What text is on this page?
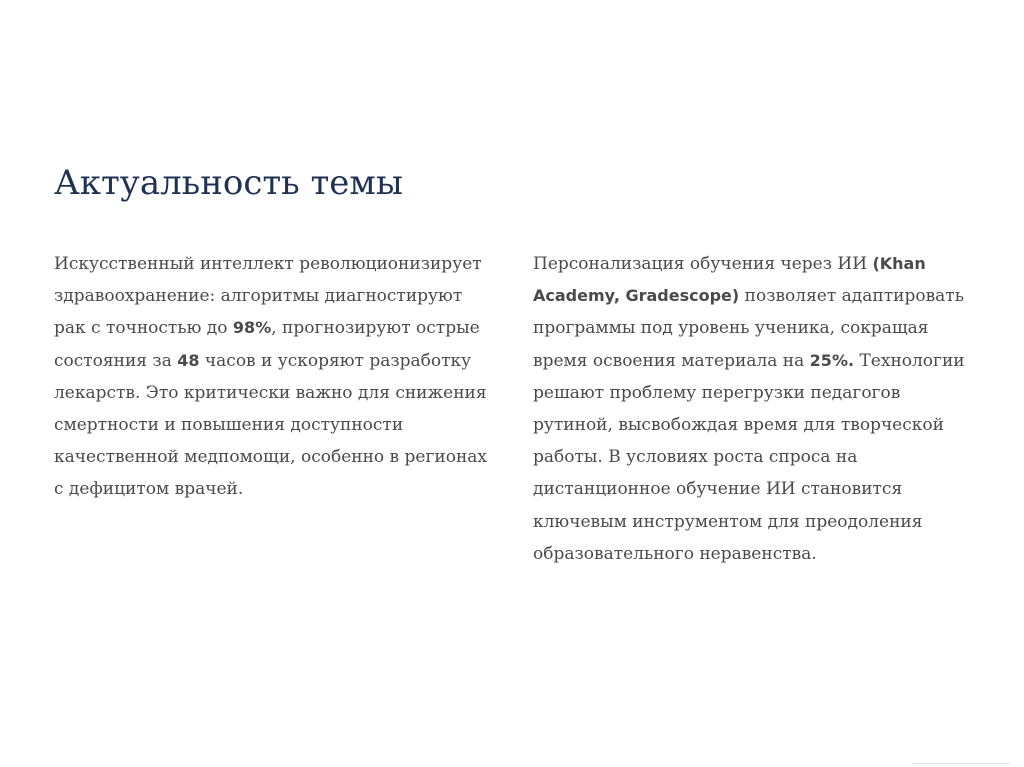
Актуальность темы
Искусственный интеллект революционизирует
здравоохранение: алгоритмы диагностируют
рак с точностью до 98%, прогнозируют острые
состояния за 48 часов и ускоряют разработку
лекарств. Это критически важно для снижения
смертности и повышения доступности
качественной медпомощи, особенно в регионах
с дефицитом врачей.
Персонализация обучения через ИИ (Khan
Academy, Gradescope) позволяет адаптировать
программы под уровень ученика, сокращая
время освоения материала на 25%. Технологии
решают проблему перегрузки педагогов
рутиной, высвобождая время для творческой
работы. В условиях роста спроса на
дистанционное обучение ИИ становится
ключевым инструментом для преодоления
образовательного неравенства.
